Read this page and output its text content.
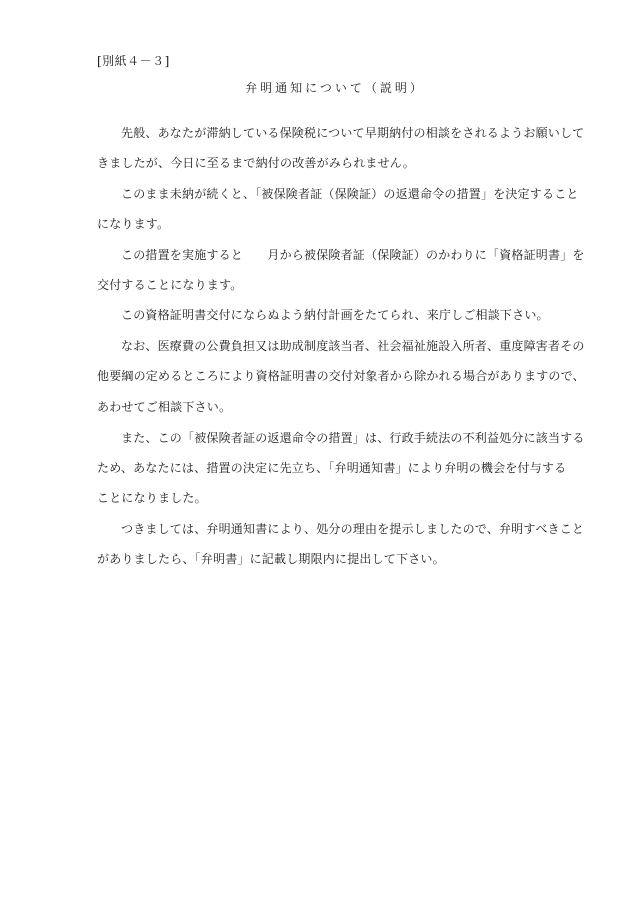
[別紙４－３]
弁明通知について（説明）
先般、あなたが滞納している保険税について早期納付の相談をされるようお願いして
きましたが、今日に至るまで納付の改善がみられません。
このまま未納が続くと、「被保険者証（保険証）の返還命令の措置」を決定すること
になります。
この措置を実施すると　　月から被保険者証（保険証）のかわりに「資格証明書」を
交付することになります。
この資格証明書交付にならぬよう納付計画をたてられ、来庁しご相談下さい。
なお、医療費の公費負担又は助成制度該当者、社会福祉施設入所者、重度障害者その
他要綱の定めるところにより資格証明書の交付対象者から除かれる場合がありますので、
あわせてご相談下さい。
また、この「被保険者証の返還命令の措置」は、行政手続法の不利益処分に該当する
ため、あなたには、措置の決定に先立ち、「弁明通知書」により弁明の機会を付与する
ことになりました。
つきましては、弁明通知書により、処分の理由を提示しましたので、弁明すべきこと
がありましたら、「弁明書」に記載し期限内に提出して下さい。
